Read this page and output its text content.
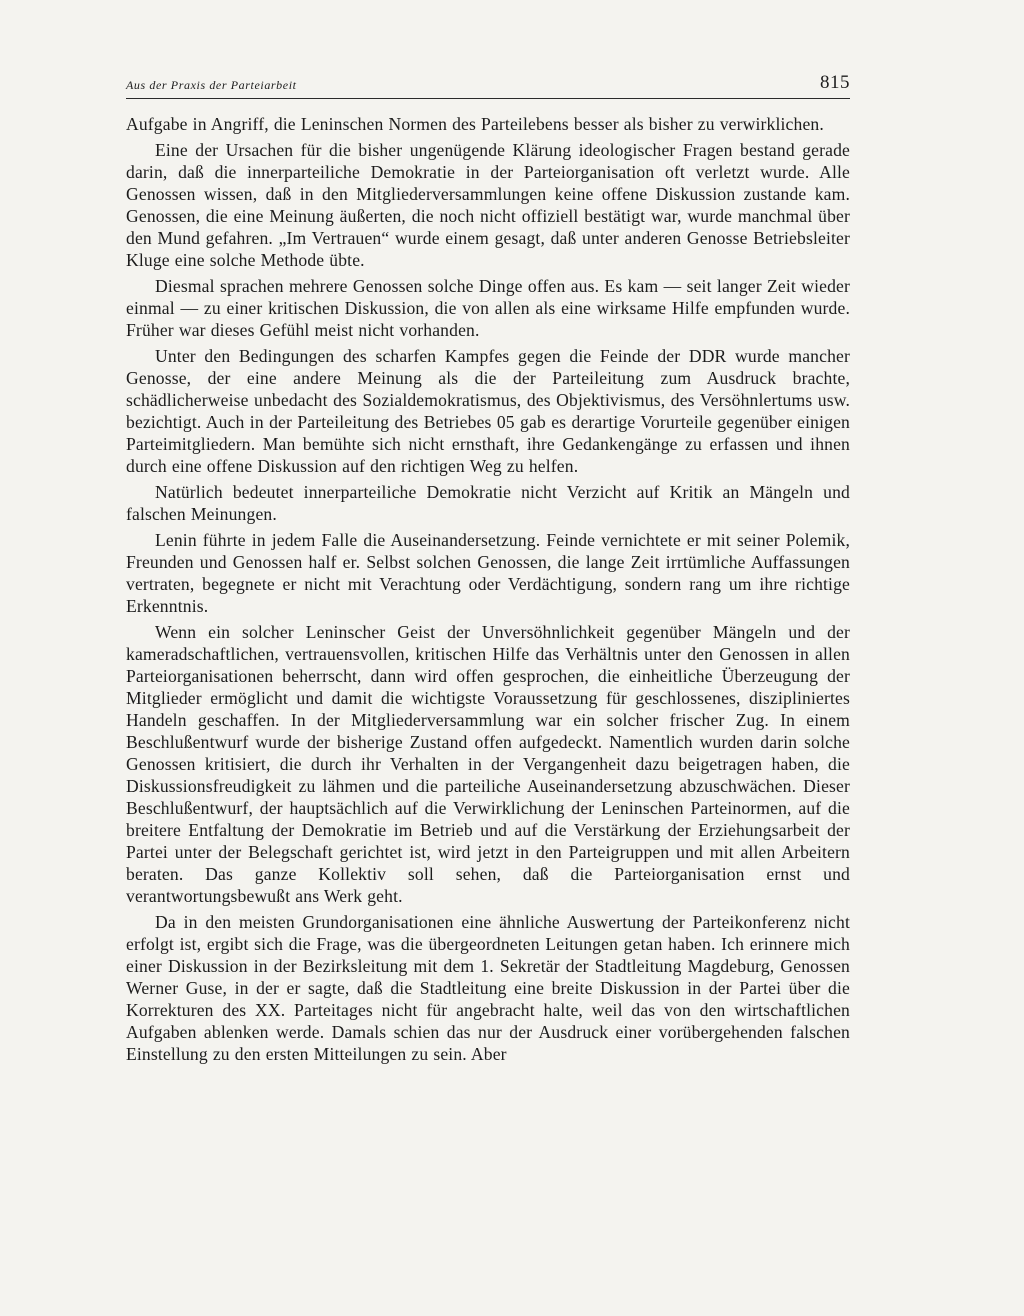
Aus der Praxis der Parteiarbeit	815

Aufgabe in Angriff, die Leninschen Normen des Parteilebens besser als bisher zu verwirklichen.

Eine der Ursachen für die bisher ungenügende Klärung ideologischer Fragen bestand gerade darin, daß die innerparteiliche Demokratie in der Parteiorganisation oft verletzt wurde. Alle Genossen wissen, daß in den Mitgliederversammlungen keine offene Diskussion zustande kam. Genossen, die eine Meinung äußerten, die noch nicht offiziell bestätigt war, wurde manchmal über den Mund gefahren. „Im Vertrauen“ wurde einem gesagt, daß unter anderen Genosse Betriebsleiter Kluge eine solche Methode übte.

Diesmal sprachen mehrere Genossen solche Dinge offen aus. Es kam — seit langer Zeit wieder einmal — zu einer kritischen Diskussion, die von allen als eine wirksame Hilfe empfunden wurde. Früher war dieses Gefühl meist nicht vorhanden.

Unter den Bedingungen des scharfen Kampfes gegen die Feinde der DDR wurde mancher Genosse, der eine andere Meinung als die der Parteileitung zum Ausdruck brachte, schädlicherweise unbedacht des Sozialdemokratismus, des Objektivismus, des Versöhnlertums usw. bezichtigt. Auch in der Parteileitung des Betriebes 05 gab es derartige Vorurteile gegenüber einigen Parteimitgliedern. Man bemühte sich nicht ernsthaft, ihre Gedankengänge zu erfassen und ihnen durch eine offene Diskussion auf den richtigen Weg zu helfen.

Natürlich bedeutet innerparteiliche Demokratie nicht Verzicht auf Kritik an Mängeln und falschen Meinungen.

Lenin führte in jedem Falle die Auseinandersetzung. Feinde vernichtete er mit seiner Polemik, Freunden und Genossen half er. Selbst solchen Genossen, die lange Zeit irrtümliche Auffassungen vertraten, begegnete er nicht mit Verachtung oder Verdächtigung, sondern rang um ihre richtige Erkenntnis.

Wenn ein solcher Leninscher Geist der Unversöhnlichkeit gegenüber Mängeln und der kameradschaftlichen, vertrauensvollen, kritischen Hilfe das Verhältnis unter den Genossen in allen Parteiorganisationen beherrscht, dann wird offen gesprochen, die einheitliche Überzeugung der Mitglieder ermöglicht und damit die wichtigste Voraussetzung für geschlossenes, diszipliniertes Handeln geschaffen. In der Mitgliederversammlung war ein solcher frischer Zug. In einem Beschlußentwurf wurde der bisherige Zustand offen aufgedeckt. Namentlich wurden darin solche Genossen kritisiert, die durch ihr Verhalten in der Vergangenheit dazu beigetragen haben, die Diskussionsfreudigkeit zu lähmen und die parteiliche Auseinandersetzung abzuschwächen. Dieser Beschlußentwurf, der hauptsächlich auf die Verwirklichung der Leninschen Parteinormen, auf die breitere Entfaltung der Demokratie im Betrieb und auf die Verstärkung der Erziehungsarbeit der Partei unter der Belegschaft gerichtet ist, wird jetzt in den Parteigruppen und mit allen Arbeitern beraten. Das ganze Kollektiv soll sehen, daß die Parteiorganisation ernst und verantwortungsbewußt ans Werk geht.

Da in den meisten Grundorganisationen eine ähnliche Auswertung der Parteikonferenz nicht erfolgt ist, ergibt sich die Frage, was die übergeordneten Leitungen getan haben. Ich erinnere mich einer Diskussion in der Bezirksleitung mit dem 1. Sekretär der Stadtleitung Magdeburg, Genossen Werner Guse, in der er sagte, daß die Stadtleitung eine breite Diskussion in der Partei über die Korrekturen des XX. Parteitages nicht für angebracht halte, weil das von den wirtschaftlichen Aufgaben ablenken werde. Damals schien das nur der Ausdruck einer vorübergehenden falschen Einstellung zu den ersten Mitteilungen zu sein. Aber
